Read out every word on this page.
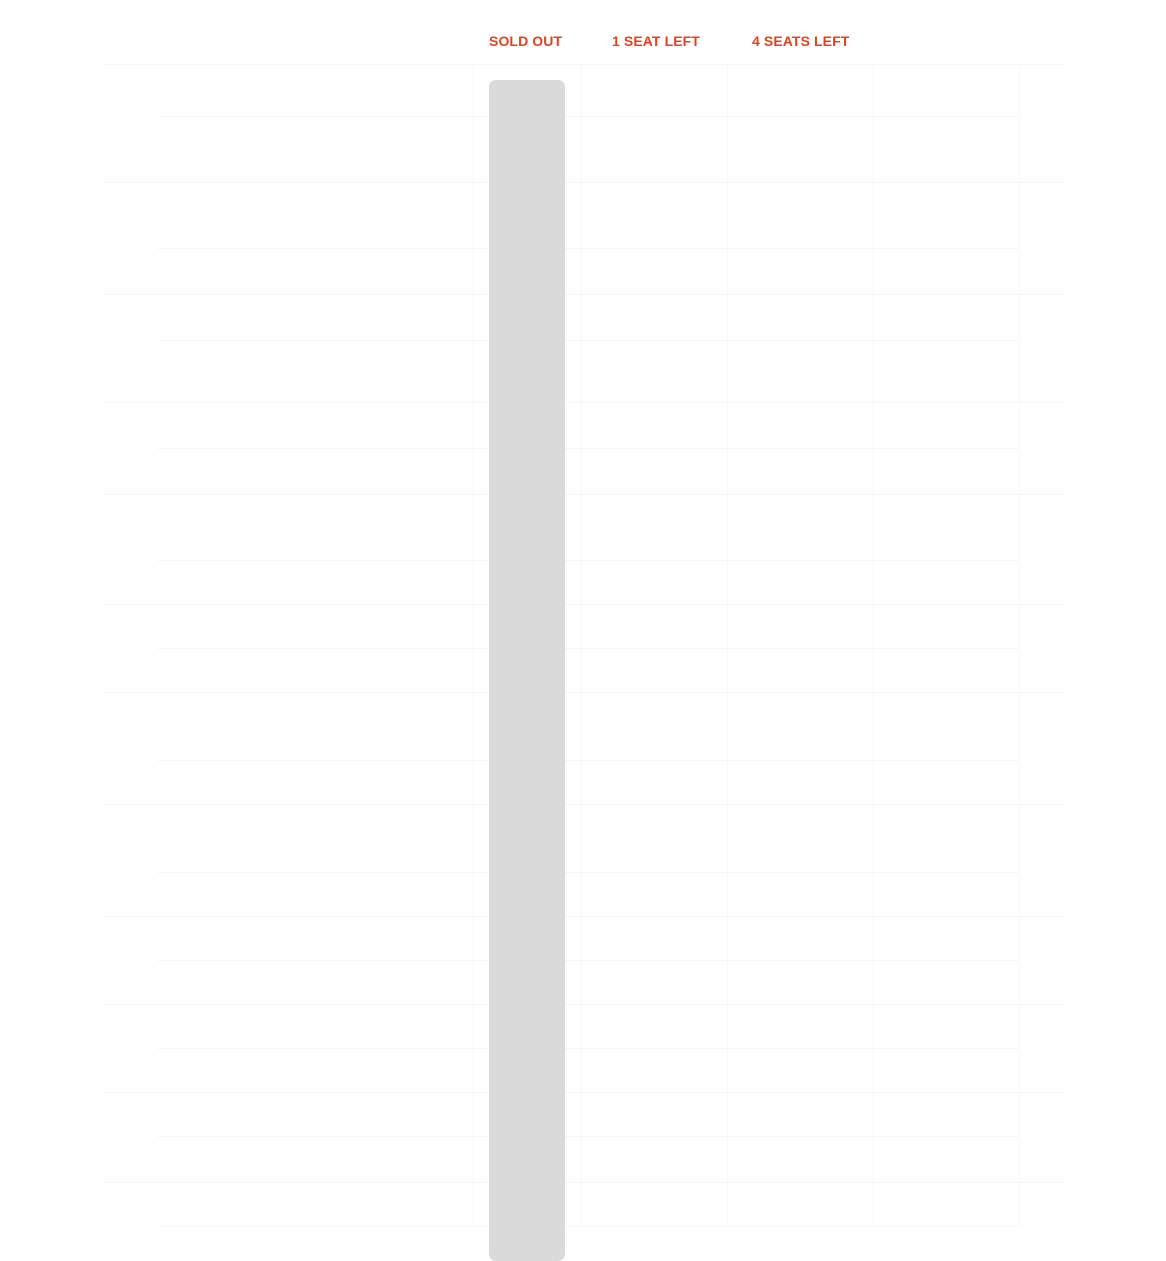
SOLD OUT	1 SEAT LEFT	4 SEATS LEFT
